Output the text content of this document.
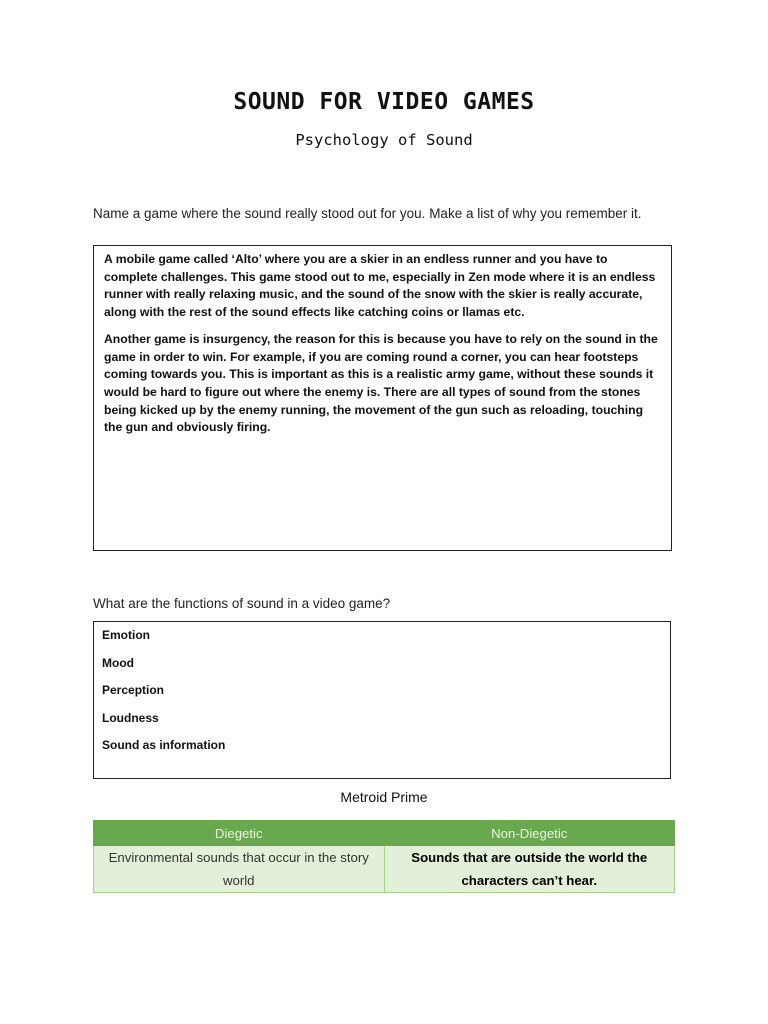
SOUND FOR VIDEO GAMES
Psychology of Sound
Name a game where the sound really stood out for you. Make a list of why you remember it.

A mobile game called ‘Alto’ where you are a skier in an endless runner and you have to complete challenges. This game stood out to me, especially in Zen mode where it is an endless runner with really relaxing music, and the sound of the snow with the skier is really accurate, along with the rest of the sound effects like catching coins or llamas etc.

Another game is insurgency, the reason for this is because you have to rely on the sound in the game in order to win. For example, if you are coming round a corner, you can hear footsteps coming towards you. This is important as this is a realistic army game, without these sounds it would be hard to figure out where the enemy is. There are all types of sound from the stones being kicked up by the enemy running, the movement of the gun such as reloading, touching the gun and obviously firing.

What are the functions of sound in a video game?
Emotion
Mood
Perception
Loudness
Sound as information
Metroid Prime
Diegetic	Non-Diegetic
Environmental sounds that occur in the story world	Sounds that are outside the world the characters can’t hear.
